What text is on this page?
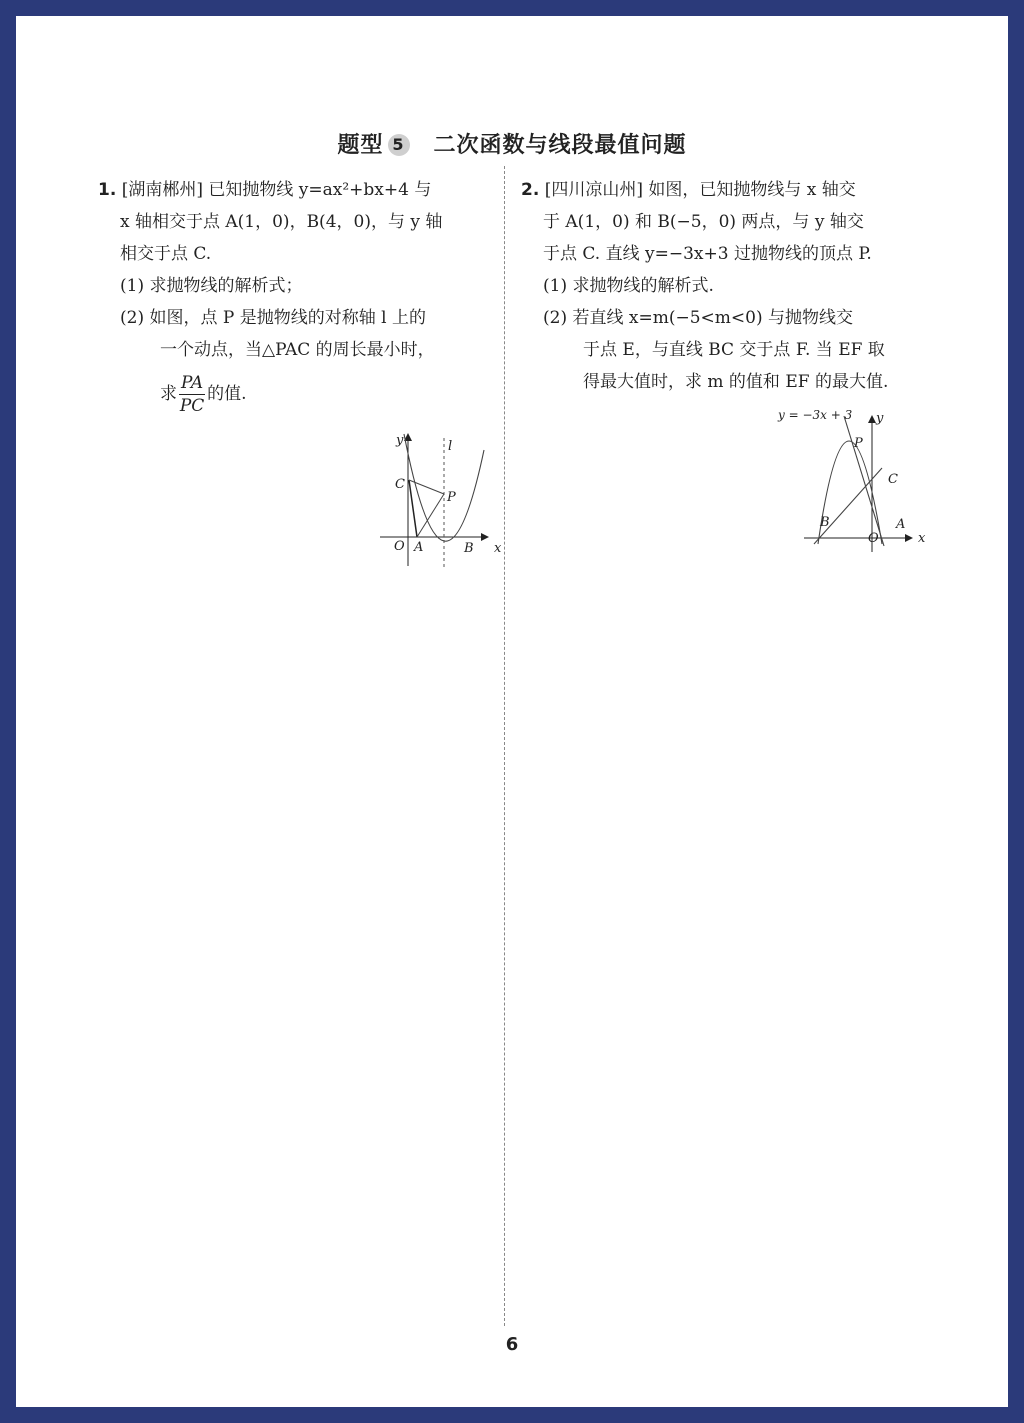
题型 5 二次函数与线段最值问题
1. [湖南郴州] 已知抛物线 y=ax²+bx+4 与
x 轴相交于点 A(1，0)，B(4，0)，与 y 轴
相交于点 C.
(1) 求抛物线的解析式；
(2) 如图，点 P 是抛物线的对称轴 l 上的
一个动点，当△PAC 的周长最小时，
求 $\frac{PA}{PC}$ 的值.
y	l
C
P
O A	B x
2. [四川凉山州] 如图，已知抛物线与 x 轴交
于 A(1，0) 和 B(−5，0) 两点，与 y 轴交
于点 C. 直线 y=−3x+3 过抛物线的顶点 P.
(1) 求抛物线的解析式.
(2) 若直线 x=m(−5<m<0) 与抛物线交
于点 E，与直线 BC 交于点 F. 当 EF 取
得最大值时，求 m 的值和 EF 的最大值.
y = −3x + 3 y
P
C
B
O
A
x
6
